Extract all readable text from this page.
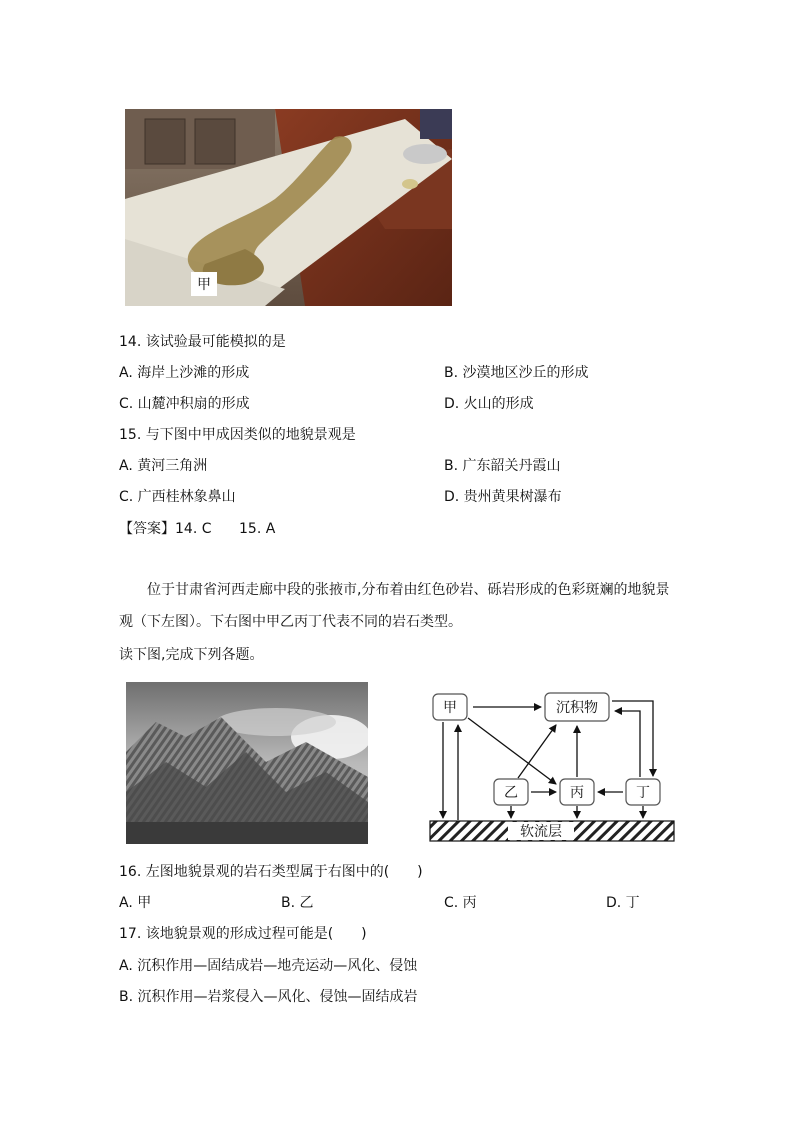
甲
14. 该试验最可能模拟的是
A. 海岸上沙滩的形成	B. 沙漠地区沙丘的形成
C. 山麓冲积扇的形成	D. 火山的形成
15. 与下图中甲成因类似的地貌景观是
A. 黄河三角洲	B. 广东韶关丹霞山
C. 广西桂林象鼻山	D. 贵州黄果树瀑布
【答案】14. C 15. A
位于甘肃省河西走廊中段的张掖市,分布着由红色砂岩、砾岩形成的色彩斑斓的地貌景
观（下左图）。下右图中甲乙丙丁代表不同的岩石类型。
读下图,完成下列各题。
软流层
甲	沉积物
乙	丙	丁
16. 左图地貌景观的岩石类型属于右图中的(　　)
A. 甲	B. 乙	C. 丙	D. 丁
17. 该地貌景观的形成过程可能是(　　)
A. 沉积作用—固结成岩—地壳运动—风化、侵蚀
B. 沉积作用—岩浆侵入—风化、侵蚀—固结成岩
